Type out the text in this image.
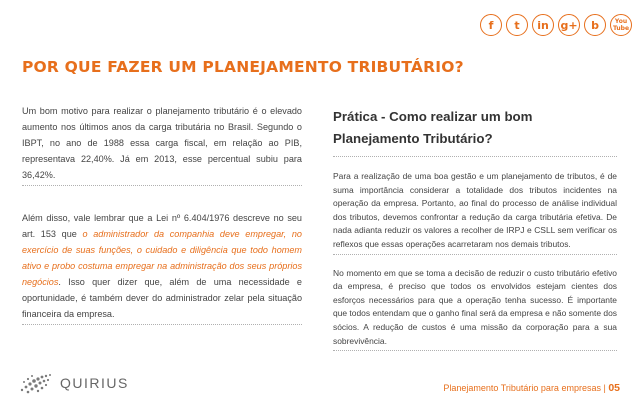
f	t	in	g+	b	You Tube
POR QUE FAZER UM PLANEJAMENTO TRIBUTÁRIO?

Um bom motivo para realizar o planejamento tributário é o elevado aumento nos últimos anos da carga tributária no Brasil. Segundo o IBPT, no ano de 1988 essa carga fiscal, em relação ao PIB, representava 22,40%. Já em 2013, esse percentual subiu para 36,42%.

Além disso, vale lembrar que a Lei nº 6.404/1976 descreve no seu art. 153 que o administrador da companhia deve empregar, no exercício de suas funções, o cuidado e diligência que todo homem ativo e probo costuma empregar na administração dos seus próprios negócios. Isso quer dizer que, além de uma necessidade e oportunidade, é também dever do administrador zelar pela situação financeira da empresa.

Prática - Como realizar um bom Planejamento Tributário?

Para a realização de uma boa gestão e um planejamento de tributos, é de suma importância considerar a totalidade dos tributos incidentes na operação da empresa. Portanto, ao final do processo de análise individual dos tributos, devemos confrontar a redução da carga tributária efetiva. De nada adianta reduzir os valores a recolher de IRPJ e CSLL sem verificar os reflexos que essas operações acarretaram nos demais tributos.

No momento em que se toma a decisão de reduzir o custo tributário efetivo da empresa, é preciso que todos os envolvidos estejam cientes dos esforços necessários para que a operação tenha sucesso. É importante que todos entendam que o ganho final será da empresa e não somente dos sócios. A redução de custos é uma missão da corporação para a sua sobrevivência.

QUIRIUS	Planejamento Tributário para empresas | 05
